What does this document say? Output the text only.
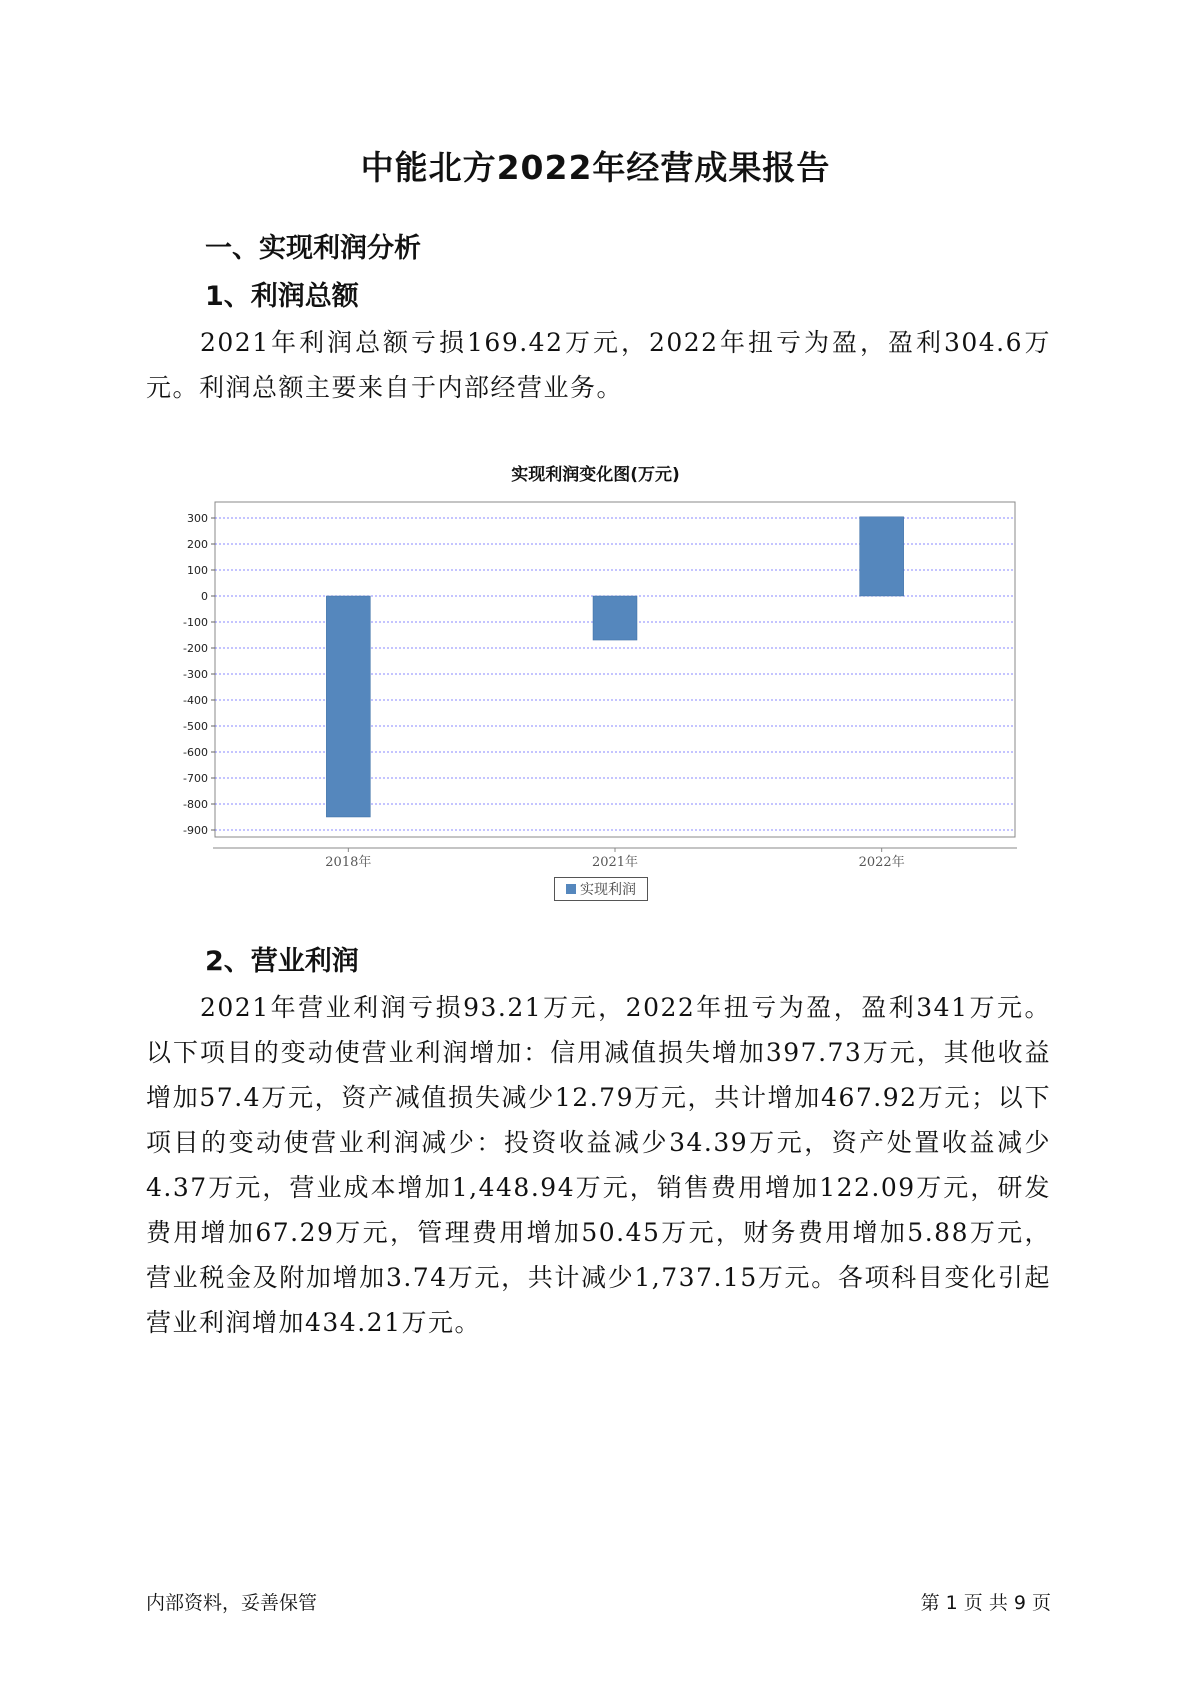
中能北方2022年经营成果报告
一、实现利润分析
1、利润总额
2021年利润总额亏损169.42万元，2022年扭亏为盈，盈利304.6万元。利润总额主要来自于内部经营业务。
实现利润变化图(万元)
300
200
100
0
-100
-200
-300
-400
-500
-600
-700
-800
-900
2018年	2021年	2022年
实现利润
2、营业利润
2021年营业利润亏损93.21万元，2022年扭亏为盈，盈利341万元。以下项目的变动使营业利润增加：信用减值损失增加397.73万元，其他收益增加57.4万元，资产减值损失减少12.79万元，共计增加467.92万元；以下项目的变动使营业利润减少：投资收益减少34.39万元，资产处置收益减少4.37万元，营业成本增加1,448.94万元，销售费用增加122.09万元，研发费用增加67.29万元，管理费用增加50.45万元，财务费用增加5.88万元，营业税金及附加增加3.74万元，共计减少1,737.15万元。各项科目变化引起营业利润增加434.21万元。
内部资料，妥善保管	第 1 页 共 9 页
